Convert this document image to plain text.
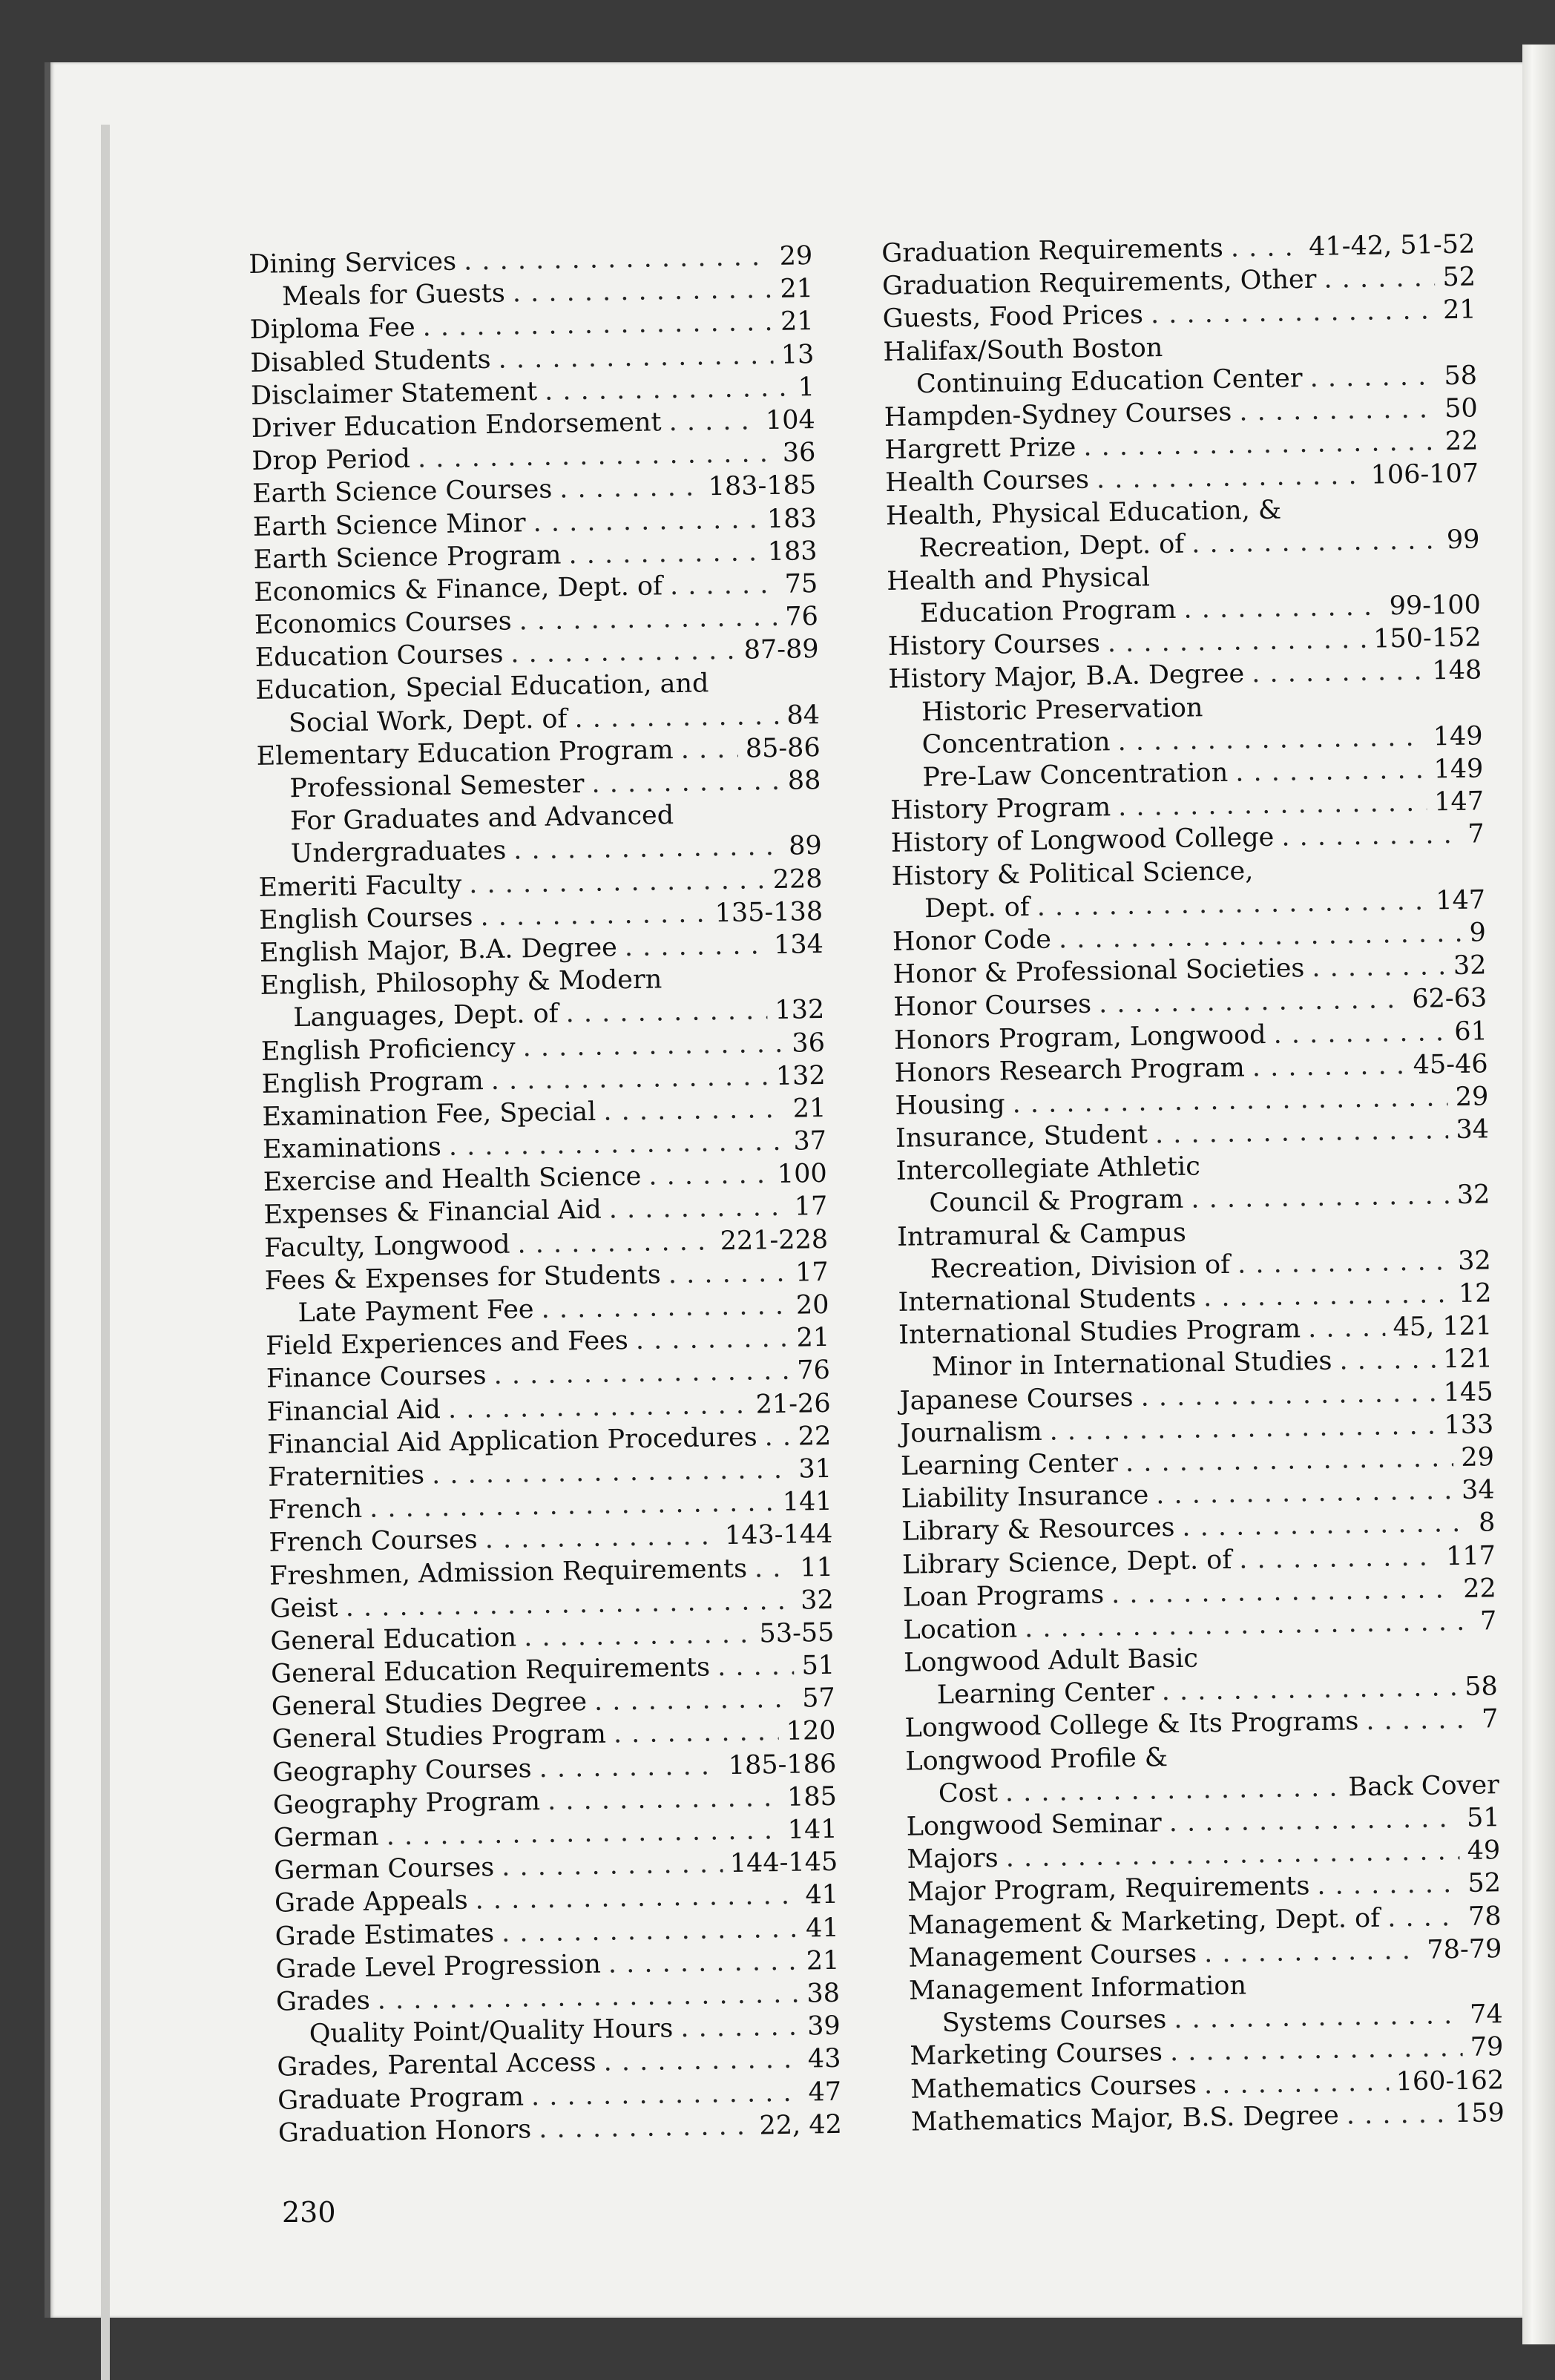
Dining Services . . .	29
Meals for Guests . . .	21
Diploma Fee . . .	21
Disabled Students . . .	13
Disclaimer Statement . . .	1
Driver Education Endorsement . . .	104
Drop Period . . .	36
Earth Science Courses . . .	183-185
Earth Science Minor . . .	183
Earth Science Program . . .	183
Economics & Finance, Dept. of . . .	75
Economics Courses . . .	76
Education Courses . . .	87-89
Education, Special Education, and
Social Work, Dept. of . . .	84
Elementary Education Program . . .	85-86
Professional Semester . . .	88
For Graduates and Advanced
Undergraduates . . .	89
Emeriti Faculty . . .	228
English Courses . . .	135-138
English Major, B.A. Degree . . .	134
English, Philosophy & Modern
Languages, Dept. of . . .	132
English Proficiency . . .	36
English Program . . .	132
Examination Fee, Special . . .	21
Examinations . . .	37
Exercise and Health Science . . .	100
Expenses & Financial Aid . . .	17
Faculty, Longwood . . .	221-228
Fees & Expenses for Students . . .	17
Late Payment Fee . . .	20
Field Experiences and Fees . . .	21
Finance Courses . . .	76
Financial Aid . . .	21-26
Financial Aid Application Procedures . . . 22
Fraternities . . .	31
French . . .	141
French Courses . . .	143-144
Freshmen, Admission Requirements . . . 11
Geist . . .	32
General Education . . .	53-55
General Education Requirements . . .	51
General Studies Degree . . .	57
General Studies Program . . .	120
Geography Courses . . .	185-186
Geography Program . . .	185
German . . .	141
German Courses . . .	144-145
Grade Appeals . . .	41
Grade Estimates . . .	41
Grade Level Progression . . .	21
Grades . . .	38
Quality Point/Quality Hours . . .	39
Grades, Parental Access . . .	43
Graduate Program . . .	47
Graduation Honors . . .	22, 42
Graduation Requirements . . .	41-42, 51-52
Graduation Requirements, Other . . .	52
Guests, Food Prices . . .	21
Halifax/South Boston
Continuing Education Center . . .	58
Hampden-Sydney Courses . . .	50
Hargrett Prize . . .	22
Health Courses . . .	106-107
Health, Physical Education, &
Recreation, Dept. of . . .	99
Health and Physical
Education Program . . .	99-100
History Courses . . .	150-152
History Major, B.A. Degree . . .	148
Historic Preservation
Concentration . . .	149
Pre-Law Concentration . . .	149
History Program . . .	147
History of Longwood College . . .	7
History & Political Science,
Dept. of . . .	147
Honor Code . . .	9
Honor & Professional Societies . . .	32
Honor Courses . . .	62-63
Honors Program, Longwood . . .	61
Honors Research Program . . .	45-46
Housing . . .	29
Insurance, Student . . .	34
Intercollegiate Athletic
Council & Program . . .	32
Intramural & Campus
Recreation, Division of . . .	32
International Students . . .	12
International Studies Program . . .	45, 121
Minor in International Studies . . .	121
Japanese Courses . . .	145
Journalism . . .	133
Learning Center . . .	29
Liability Insurance . . .	34
Library & Resources . . .	8
Library Science, Dept. of . . .	117
Loan Programs . . .	22
Location . . .	7
Longwood Adult Basic
Learning Center . . .	58
Longwood College & Its Programs . . .	7
Longwood Profile &
Cost . . .	Back Cover
Longwood Seminar . . .	51
Majors . . .	49
Major Program, Requirements . . .	52
Management & Marketing, Dept. of . . .	78
Management Courses . . .	78-79
Management Information
Systems Courses . . .	74
Marketing Courses . . .	79
Mathematics Courses . . .	160-162
Mathematics Major, B.S. Degree . . .	159
230
